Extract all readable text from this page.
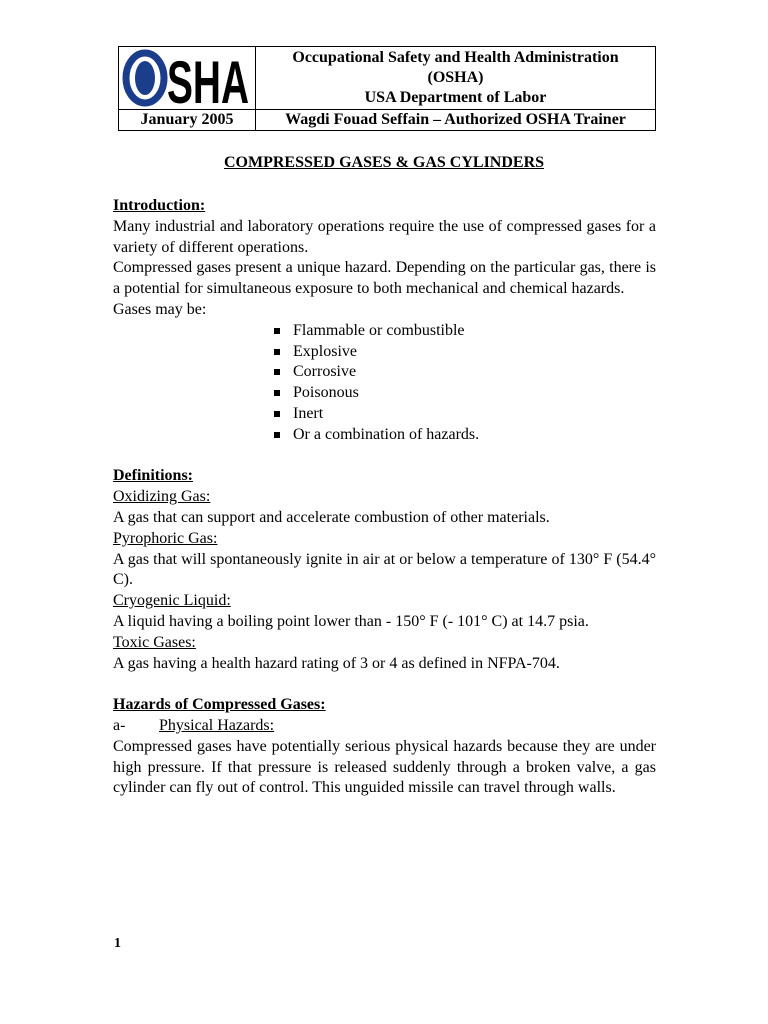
SHA	Occupational Safety and Health Administration
(OSHA)
USA Department of Labor

January 2005	Wagdi Fouad Seffain – Authorized OSHA Trainer
COMPRESSED GASES & GAS CYLINDERS

Introduction:

Many industrial and laboratory operations require the use of compressed gases for a variety of different operations.

Compressed gases present a unique hazard. Depending on the particular gas, there is a potential for simultaneous exposure to both mechanical and chemical hazards.

Gases may be:

Flammable or combustible
Explosive
Corrosive
Poisonous
Inert
Or a combination of hazards.

Definitions:

Oxidizing Gas:

A gas that can support and accelerate combustion of other materials.

Pyrophoric Gas:

A gas that will spontaneously ignite in air at or below a temperature of 130° F (54.4° C).

Cryogenic Liquid:

A liquid having a boiling point lower than - 150° F (- 101° C) at 14.7 psia.

Toxic Gases:

A gas having a health hazard rating of 3 or 4 as defined in NFPA-704.

Hazards of Compressed Gases:

a- Physical Hazards:

Compressed gases have potentially serious physical hazards because they are under high pressure. If that pressure is released suddenly through a broken valve, a gas cylinder can fly out of control. This unguided missile can travel through walls.

1
